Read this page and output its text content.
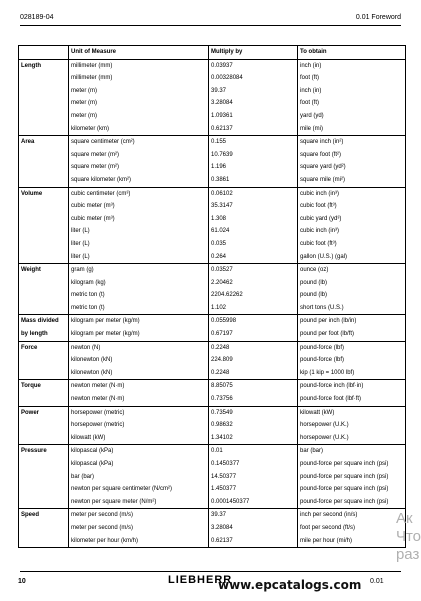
028189-04	0.01 Foreword
	Unit of Measure	Multiply by	To obtain
Length	millimeter (mm)	0.03937	inch (in)
	millimeter (mm)	0.00328084	foot (ft)
	meter (m)	39.37	inch (in)
	meter (m)	3.28084	foot (ft)
	meter (m)	1.09361	yard (yd)
	kilometer (km)	0.62137	mile (mi)
Area	square centimeter (cm²)	0.155	square inch (in²)
	square meter (m²)	10.7639	square foot (ft²)
	square meter (m²)	1.196	square yard (yd²)
	square kilometer (km²)	0.3861	square mile (mi²)
Volume	cubic centimeter (cm³)	0.06102	cubic inch (in³)
	cubic meter (m³)	35.3147	cubic foot (ft³)
	cubic meter (m³)	1.308	cubic yard (yd³)
	liter (L)	61.024	cubic inch (in³)
	liter (L)	0.035	cubic foot (ft³)
	liter (L)	0.264	gallon (U.S.) (gal)
Weight	gram (g)	0.03527	ounce (oz)
	kilogram (kg)	2.20462	pound (lb)
	metric ton (t)	2204.62262	pound (lb)
	metric ton (t)	1.102	short tons (U.S.)
Mass divided by length	kilogram per meter (kg/m)	0.055998	pound per inch (lb/in)
	kilogram per meter (kg/m)	0.67197	pound per foot (lb/ft)
Force	newton (N)	0.2248	pound-force (lbf)
	kilonewton (kN)	224.809	pound-force (lbf)
	kilonewton (kN)	0.2248	kip (1 kip = 1000 lbf)
Torque	newton meter (N·m)	8.85075	pound-force inch (lbf·in)
	newton meter (N·m)	0.73756	pound-force foot (lbf·ft)
Power	horsepower (metric)	0.73549	kilowatt (kW)
	horsepower (metric)	0.98632	horsepower (U.K.)
	kilowatt (kW)	1.34102	horsepower (U.K.)
Pressure	kilopascal (kPa)	0.01	bar (bar)
	kilopascal (kPa)	0.1450377	pound-force per square inch (psi)
	bar (bar)	14.50377	pound-force per square inch (psi)
	newton per square centimeter (N/cm²)	1.450377	pound-force per square inch (psi)
	newton per square meter (N/m²)	0.0001450377	pound-force per square inch (psi)
Speed	meter per second (m/s)	39.37	inch per second (in/s)
	meter per second (m/s)	3.28084	foot per second (ft/s)
	kilometer per hour (km/h)	0.62137	mile per hour (mi/h)
Ак
Что
раз
10	LIEBHERR
www.epcatalogs.com 0.01
